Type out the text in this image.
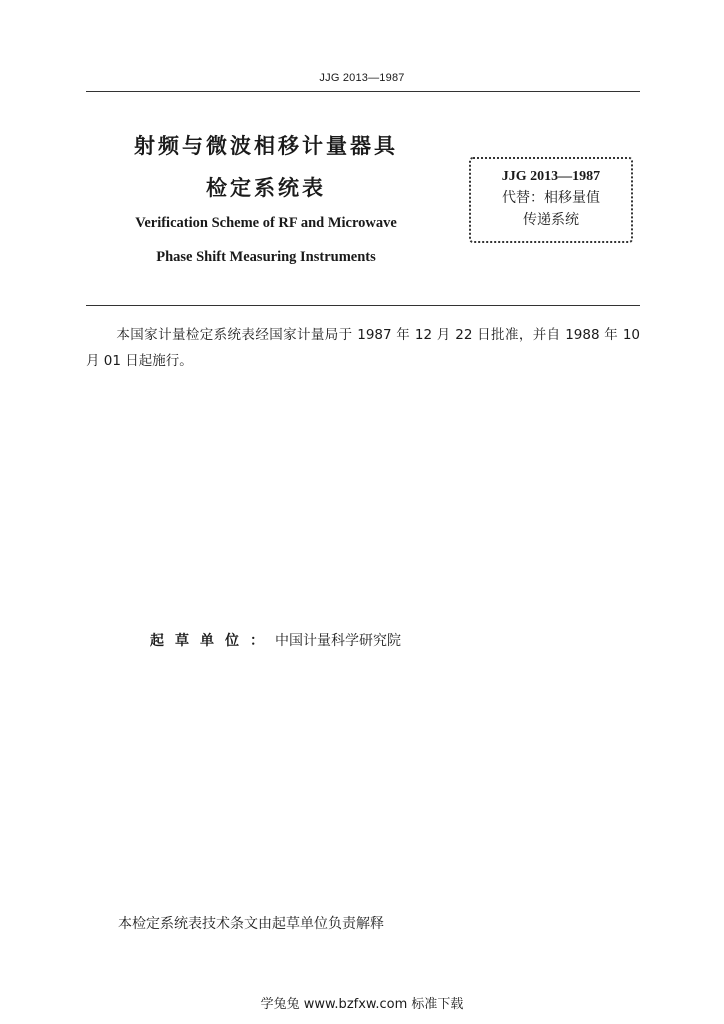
JJG 2013—1987
射频与微波相移计量器具
检定系统表
Verification Scheme of RF and Microwave
Phase Shift Measuring Instruments
JJG 2013—1987
代替：相移量值
传递系统
本国家计量检定系统表经国家计量局于 1987 年 12 月 22 日批准，并自 1988 年 10 月 01 日起施行。
起草单位：中国计量科学研究院
本检定系统表技术条文由起草单位负责解释
学兔兔 www.bzfxw.com 标准下载
